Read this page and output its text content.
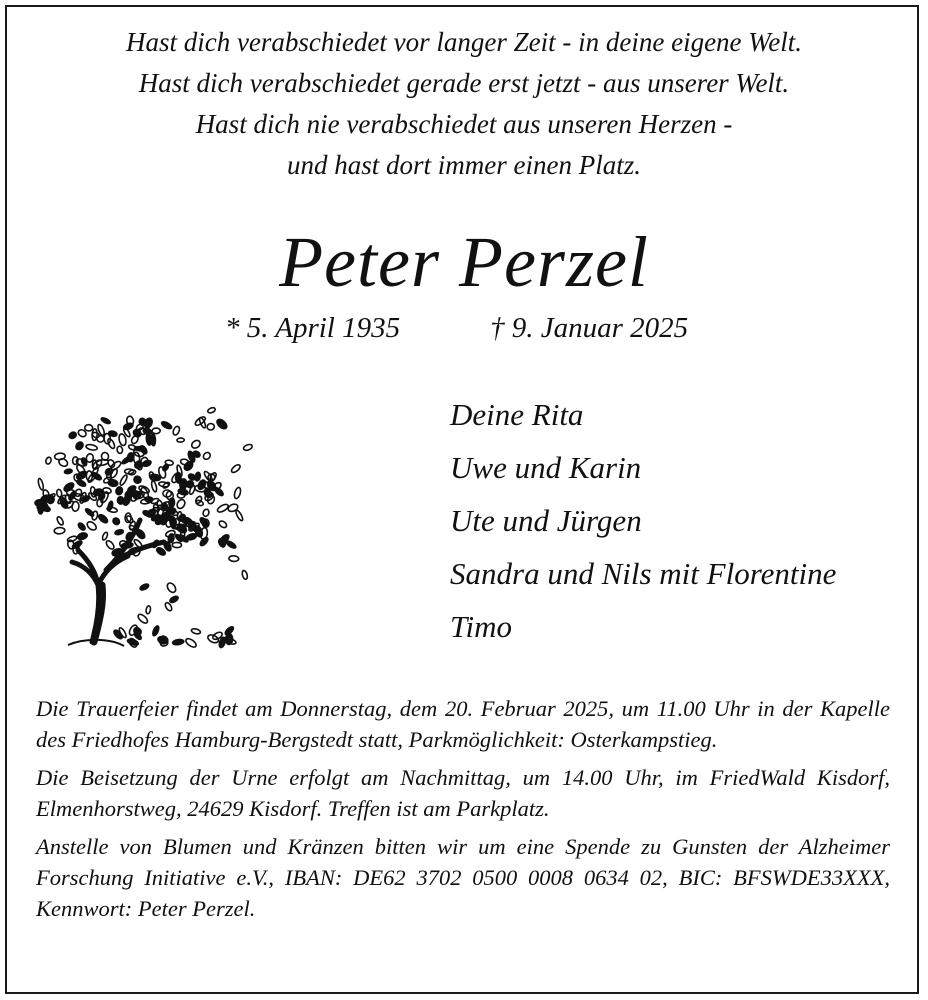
Hast dich verabschiedet vor langer Zeit - in deine eigene Welt.
Hast dich verabschiedet gerade erst jetzt - aus unserer Welt.
Hast dich nie verabschiedet aus unseren Herzen -
und hast dort immer einen Platz.
Peter Perzel
* 5. April 1935	† 9. Januar 2025
Deine Rita
Uwe und Karin
Ute und Jürgen
Sandra und Nils mit Florentine
Timo

Die Trauerfeier findet am Donnerstag, dem 20. Februar 2025, um 11.00 Uhr in der Kapelle des Friedhofes Hamburg-Bergstedt statt, Parkmöglichkeit: Osterkampstieg.

Die Beisetzung der Urne erfolgt am Nachmittag, um 14.00 Uhr, im FriedWald Kisdorf, Elmenhorstweg, 24629 Kisdorf. Treffen ist am Parkplatz.

Anstelle von Blumen und Kränzen bitten wir um eine Spende zu Gunsten der Alzheimer Forschung Initiative e.V., IBAN: DE62 3702 0500 0008 0634 02, BIC: BFSWDE33XXX, Kennwort: Peter Perzel.
